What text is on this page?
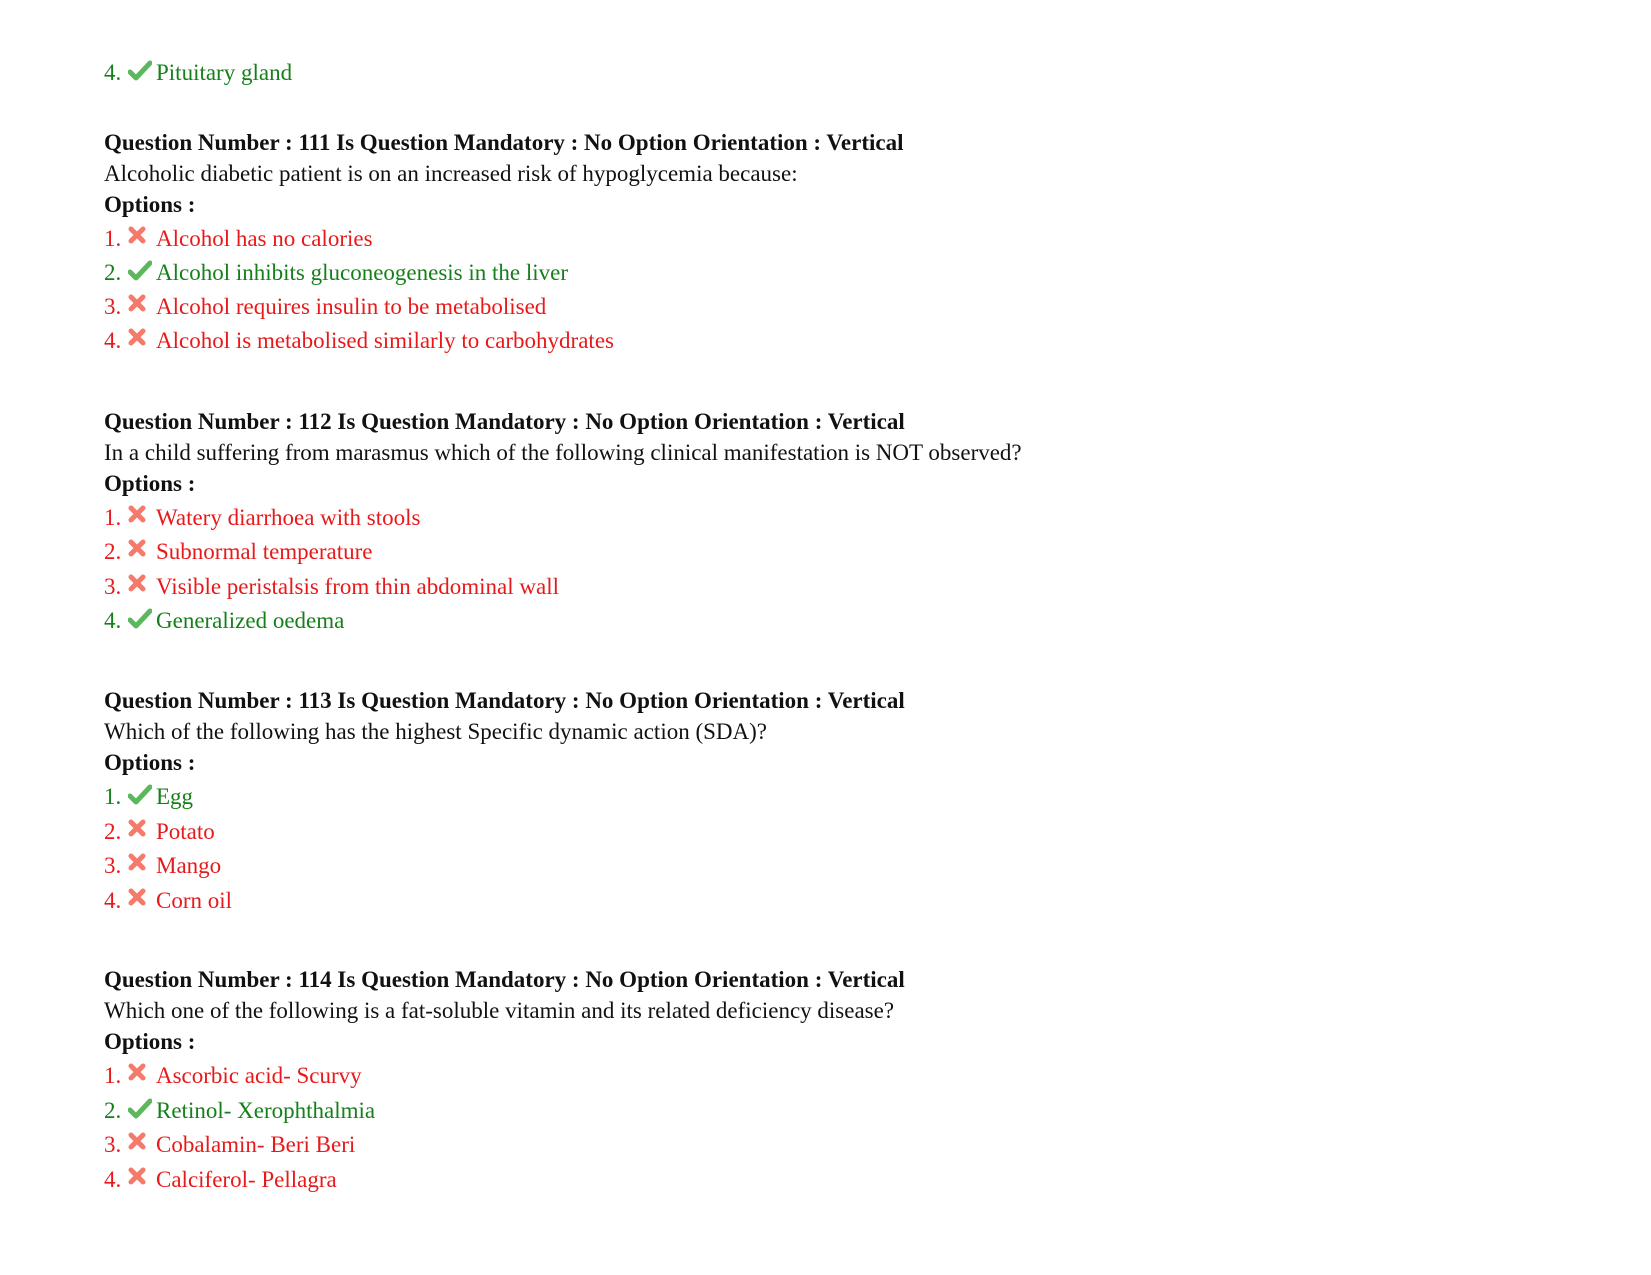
4. Pituitary gland
Question Number : 111 Is Question Mandatory : No Option Orientation : Vertical
Alcoholic diabetic patient is on an increased risk of hypoglycemia because:
Options :
1. Alcohol has no calories
2. Alcohol inhibits gluconeogenesis in the liver
3. Alcohol requires insulin to be metabolised
4. Alcohol is metabolised similarly to carbohydrates
Question Number : 112 Is Question Mandatory : No Option Orientation : Vertical
In a child suffering from marasmus which of the following clinical manifestation is NOT observed?
Options :
1. Watery diarrhoea with stools
2. Subnormal temperature
3. Visible peristalsis from thin abdominal wall
4. Generalized oedema
Question Number : 113 Is Question Mandatory : No Option Orientation : Vertical
Which of the following has the highest Specific dynamic action (SDA)?
Options :
1. Egg
2. Potato
3. Mango
4. Corn oil
Question Number : 114 Is Question Mandatory : No Option Orientation : Vertical
Which one of the following is a fat-soluble vitamin and its related deficiency disease?
Options :
1. Ascorbic acid- Scurvy
2. Retinol- Xerophthalmia
3. Cobalamin- Beri Beri
4. Calciferol- Pellagra
